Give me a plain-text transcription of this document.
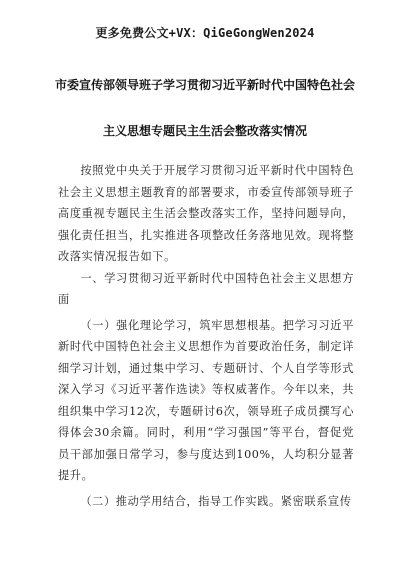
更多免费公文+VX：QiGeGongWen2024
市委宣传部领导班子学习贯彻习近平新时代中国特色社会
主义思想专题民主生活会整改落实情况

按照党中央关于开展学习贯彻习近平新时代中国特色社会主义思想主题教育的部署要求，市委宣传部领导班子高度重视专题民主生活会整改落实工作，坚持问题导向，强化责任担当，扎实推进各项整改任务落地见效。现将整改落实情况报告如下。

一、学习贯彻习近平新时代中国特色社会主义思想方面

（一）强化理论学习，筑牢思想根基。把学习习近平新时代中国特色社会主义思想作为首要政治任务，制定详细学习计划，通过集中学习、专题研讨、个人自学等形式深入学习《习近平著作选读》等权威著作。今年以来，共组织集中学习12次，专题研讨6次，领导班子成员撰写心得体会30余篇。同时，利用“学习强国”等平台，督促党员干部加强日常学习，参与度达到100%，人均积分显著提升。

（二）推动学用结合，指导工作实践。紧密联系宣传
